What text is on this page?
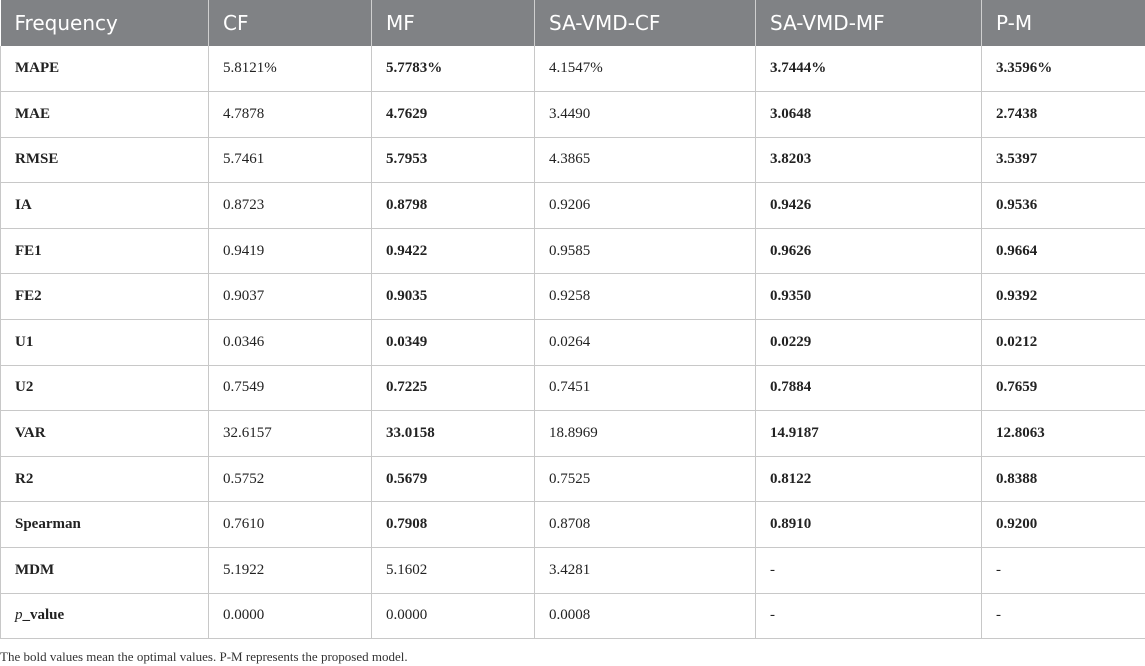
Frequency	CF	MF	SA-VMD-CF	SA-VMD-MF	P-M
MAPE	5.8121%	5.7783%	4.1547%	3.7444%	3.3596%
MAE	4.7878	4.7629	3.4490	3.0648	2.7438
RMSE	5.7461	5.7953	4.3865	3.8203	3.5397
IA	0.8723	0.8798	0.9206	0.9426	0.9536
FE1	0.9419	0.9422	0.9585	0.9626	0.9664
FE2	0.9037	0.9035	0.9258	0.9350	0.9392
U1	0.0346	0.0349	0.0264	0.0229	0.0212
U2	0.7549	0.7225	0.7451	0.7884	0.7659
VAR	32.6157	33.0158	18.8969	14.9187	12.8063
R2	0.5752	0.5679	0.7525	0.8122	0.8388
Spearman	0.7610	0.7908	0.8708	0.8910	0.9200
MDM	5.1922	5.1602	3.4281	-	-
p_value	0.0000	0.0000	0.0008	-	-
The bold values mean the optimal values. P-M represents the proposed model.
